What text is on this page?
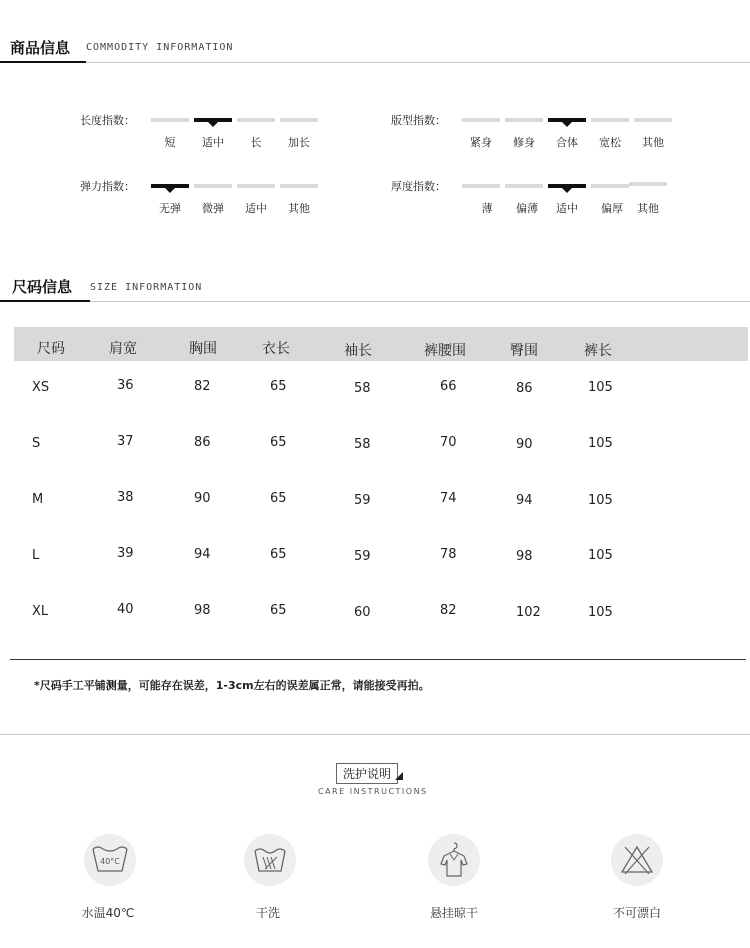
商品信息 COMMODITY INFORMATION
长度指数：
短	适中	长	加长
版型指数：
紧身	修身	合体	宽松	其他
弹力指数：
无弹	微弹	适中	其他
厚度指数：
薄	偏薄	适中	偏厚	其他
尺码信息 SIZE INFORMATION
尺码	肩宽	胸围	衣长	袖长	裤腰围	臀围	裤长
XS	36	82	65	58	66	86	105
S	37	86	65	58	70	90	105
M	38	90	65	59	74	94	105
L	39	94	65	59	78	98	105
XL	40	98	65	60	82	102	105
*尺码手工平铺测量，可能存在误差，1-3cm左右的误差属正常，请能接受再拍。
洗护说明
CARE INSTRUCTIONS
40°C
水温40℃	干洗	悬挂晾干	不可漂白
